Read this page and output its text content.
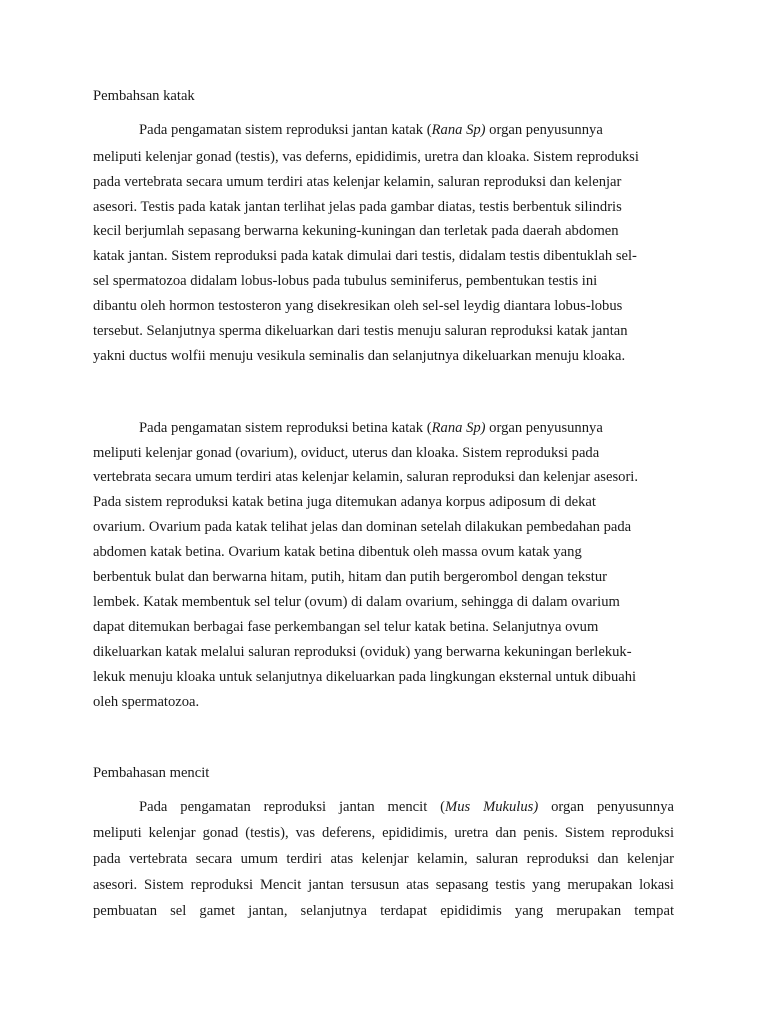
Pembahsan katak
Pada pengamatan sistem reproduksi jantan katak (Rana Sp) organ penyusunnya
meliputi kelenjar gonad (testis), vas deferns, epididimis, uretra dan kloaka. Sistem reproduksi
pada vertebrata secara umum terdiri atas kelenjar kelamin, saluran reproduksi dan kelenjar
asesori. Testis pada katak jantan terlihat jelas pada gambar diatas, testis berbentuk silindris
kecil berjumlah sepasang berwarna kekuning-kuningan dan terletak pada daerah abdomen
katak jantan. Sistem reproduksi pada katak dimulai dari testis, didalam testis dibentuklah sel-
sel spermatozoa didalam lobus-lobus pada tubulus seminiferus, pembentukan testis ini
dibantu oleh hormon testosteron yang disekresikan oleh sel-sel leydig diantara lobus-lobus
tersebut. Selanjutnya sperma dikeluarkan dari testis menuju saluran reproduksi katak jantan
yakni ductus wolfii menuju vesikula seminalis dan selanjutnya dikeluarkan menuju kloaka.
Pada pengamatan sistem reproduksi betina katak (Rana Sp) organ penyusunnya
meliputi kelenjar gonad (ovarium), oviduct, uterus dan kloaka. Sistem reproduksi pada
vertebrata secara umum terdiri atas kelenjar kelamin, saluran reproduksi dan kelenjar asesori.
Pada sistem reproduksi katak betina juga ditemukan adanya korpus adiposum di dekat
ovarium. Ovarium pada katak telihat jelas dan dominan setelah dilakukan pembedahan pada
abdomen katak betina. Ovarium katak betina dibentuk oleh massa ovum katak yang
berbentuk bulat dan berwarna hitam, putih, hitam dan putih bergerombol dengan tekstur
lembek. Katak membentuk sel telur (ovum) di dalam ovarium, sehingga di dalam ovarium
dapat ditemukan berbagai fase perkembangan sel telur katak betina. Selanjutnya ovum
dikeluarkan katak melalui saluran reproduksi (oviduk) yang berwarna kekuningan berlekuk-
lekuk menuju kloaka untuk selanjutnya dikeluarkan pada lingkungan eksternal untuk dibuahi
oleh spermatozoa.
Pembahasan mencit
Pada pengamatan reproduksi jantan mencit (Mus Mukulus) organ penyusunnya
meliputi kelenjar gonad (testis), vas deferens, epididimis, uretra dan penis. Sistem reproduksi
pada vertebrata secara umum terdiri atas kelenjar kelamin, saluran reproduksi dan kelenjar
asesori. Sistem reproduksi Mencit jantan tersusun atas sepasang testis yang merupakan lokasi
pembuatan sel gamet jantan, selanjutnya terdapat epididimis yang merupakan tempat
